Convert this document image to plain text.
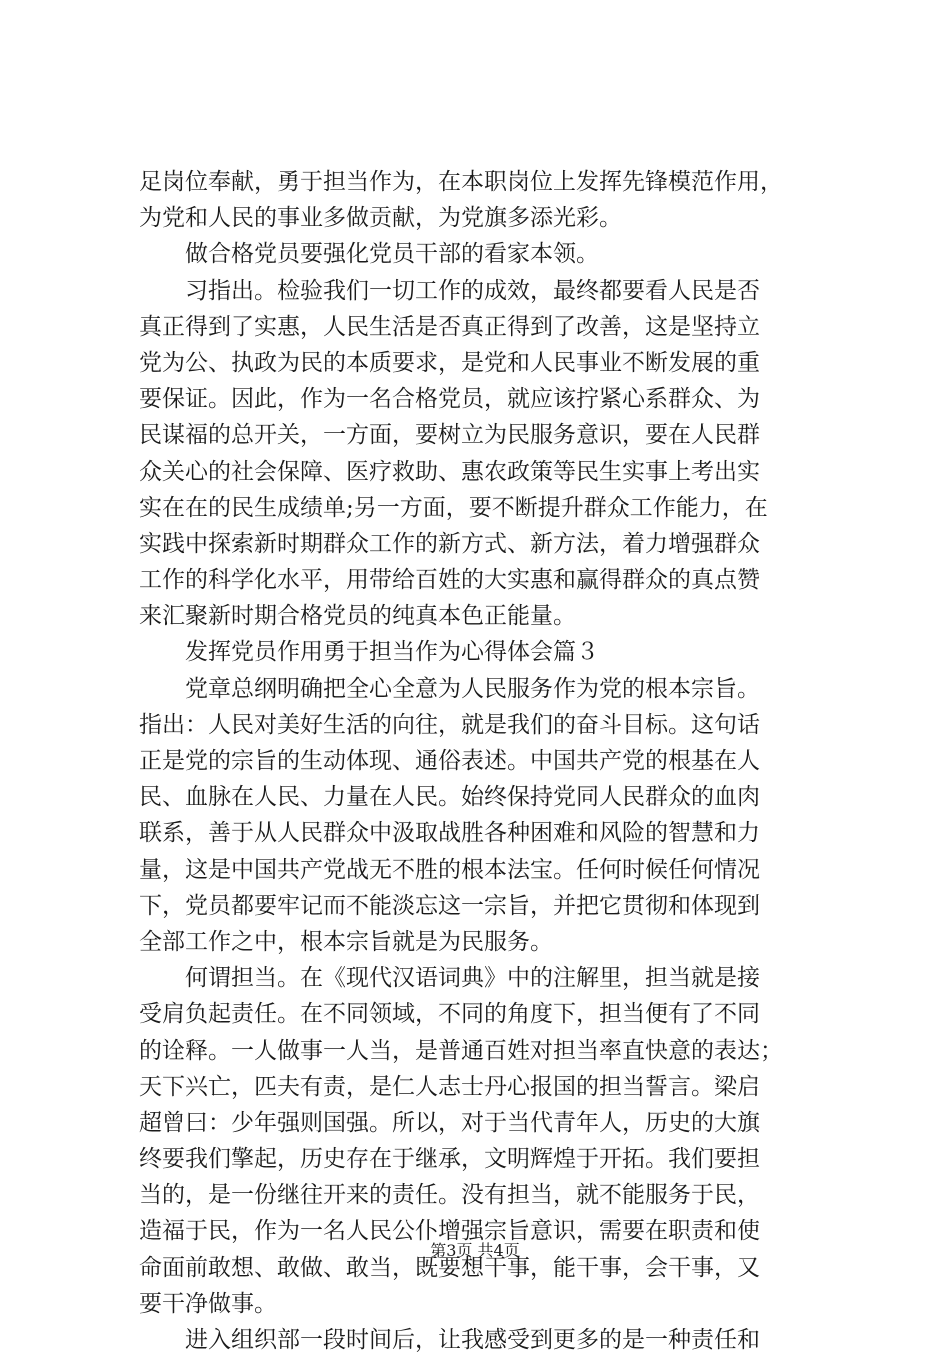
足岗位奉献，勇于担当作为，在本职岗位上发挥先锋模范作用，
为党和人民的事业多做贡献，为党旗多添光彩。
做合格党员要强化党员干部的看家本领。
习指出。检验我们一切工作的成效，最终都要看人民是否
真正得到了实惠，人民生活是否真正得到了改善，这是坚持立
党为公、执政为民的本质要求，是党和人民事业不断发展的重
要保证。因此，作为一名合格党员，就应该拧紧心系群众、为
民谋福的总开关，一方面，要树立为民服务意识，要在人民群
众关心的社会保障、医疗救助、惠农政策等民生实事上考出实
实在在的民生成绩单;另一方面，要不断提升群众工作能力，在
实践中探索新时期群众工作的新方式、新方法，着力增强群众
工作的科学化水平，用带给百姓的大实惠和赢得群众的真点赞
来汇聚新时期合格党员的纯真本色正能量。
发挥党员作用勇于担当作为心得体会篇３
党章总纲明确把全心全意为人民服务作为党的根本宗旨。
指出：人民对美好生活的向往，就是我们的奋斗目标。这句话
正是党的宗旨的生动体现、通俗表述。中国共产党的根基在人
民、血脉在人民、力量在人民。始终保持党同人民群众的血肉
联系，善于从人民群众中汲取战胜各种困难和风险的智慧和力
量，这是中国共产党战无不胜的根本法宝。任何时候任何情况
下，党员都要牢记而不能淡忘这一宗旨，并把它贯彻和体现到
全部工作之中，根本宗旨就是为民服务。
何谓担当。在《现代汉语词典》中的注解里，担当就是接
受肩负起责任。在不同领域，不同的角度下，担当便有了不同
的诠释。一人做事一人当，是普通百姓对担当率直快意的表达；
天下兴亡，匹夫有责，是仁人志士丹心报国的担当誓言。梁启
超曾曰：少年强则国强。所以，对于当代青年人，历史的大旗
终要我们擎起，历史存在于继承，文明辉煌于开拓。我们要担
当的，是一份继往开来的责任。没有担当，就不能服务于民，
造福于民，作为一名人民公仆增强宗旨意识，需要在职责和使
命面前敢想、敢做、敢当，既要想干事，能干事，会干事，又
要干净做事。
进入组织部一段时间后，让我感受到更多的是一种责任和
第3页 共4页
